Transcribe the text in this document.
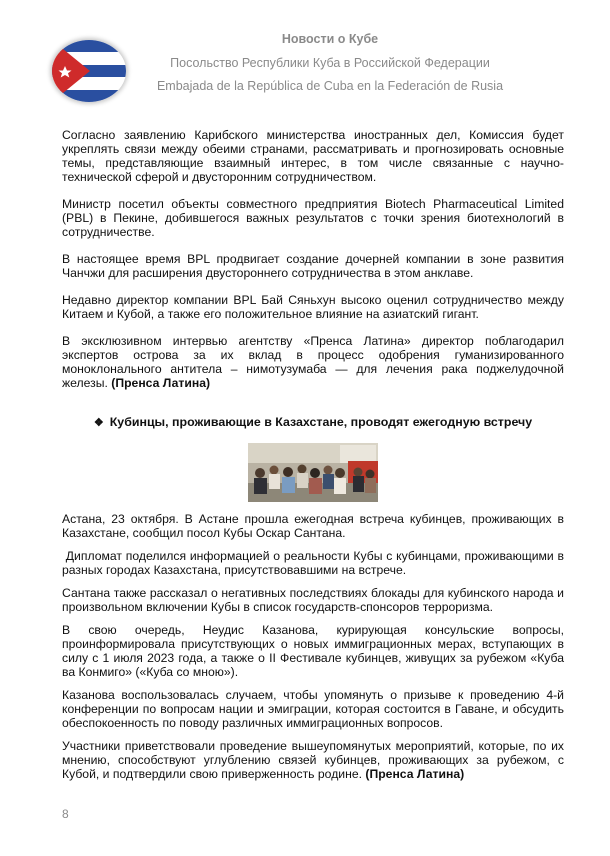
Новости о Кубе
Посольство Республики Куба в Российской Федерации
Embajada de la República de Cuba en la Federación de Rusia

Согласно заявлению Карибского министерства иностранных дел, Комиссия будет укреплять связи между обеими странами, рассматривать и прогнозировать основные темы, представляющие взаимный интерес, в том числе связанные с научно-технической сферой и двусторонним сотрудничеством.

Министр посетил объекты совместного предприятия Biotech Pharmaceutical Limited (PBL) в Пекине, добившегося важных результатов с точки зрения биотехнологий в сотрудничестве.

В настоящее время BPL продвигает создание дочерней компании в зоне развития Чанчжи для расширения двустороннего сотрудничества в этом анклаве.

Недавно директор компании BPL Бай Сяньхун высоко оценил сотрудничество между Китаем и Кубой, а также его положительное влияние на азиатский гигант.

В эксклюзивном интервью агентству «Пренса Латина» директор поблагодарил экспертов острова за их вклад в процесс одобрения гуманизированного моноклонального антитела – нимотузумаба — для лечения рака поджелудочной железы. (Пренса Латина)

❖ Кубинцы, проживающие в Казахстане, проводят ежегодную встречу

Астана, 23 октября. В Астане прошла ежегодная встреча кубинцев, проживающих в Казахстане, сообщил посол Кубы Оскар Сантана.

Дипломат поделился информацией о реальности Кубы с кубинцами, проживающими в разных городах Казахстана, присутствовавшими на встрече.

Сантана также рассказал о негативных последствиях блокады для кубинского народа и произвольном включении Кубы в список государств-спонсоров терроризма.

В свою очередь, Неудис Казанова, курирующая консульские вопросы, проинформировала присутствующих о новых иммиграционных мерах, вступающих в силу с 1 июля 2023 года, а также о II Фестивале кубинцев, живущих за рубежом «Куба ва Конмиго» («Куба со мною»).

Казанова воспользовалась случаем, чтобы упомянуть о призыве к проведению 4-й конференции по вопросам нации и эмиграции, которая состоится в Гаване, и обсудить обеспокоенность по поводу различных иммиграционных вопросов.

Участники приветствовали проведение вышеупомянутых мероприятий, которые, по их мнению, способствуют углублению связей кубинцев, проживающих за рубежом, с Кубой, и подтвердили свою приверженность родине. (Пренса Латина)

8
